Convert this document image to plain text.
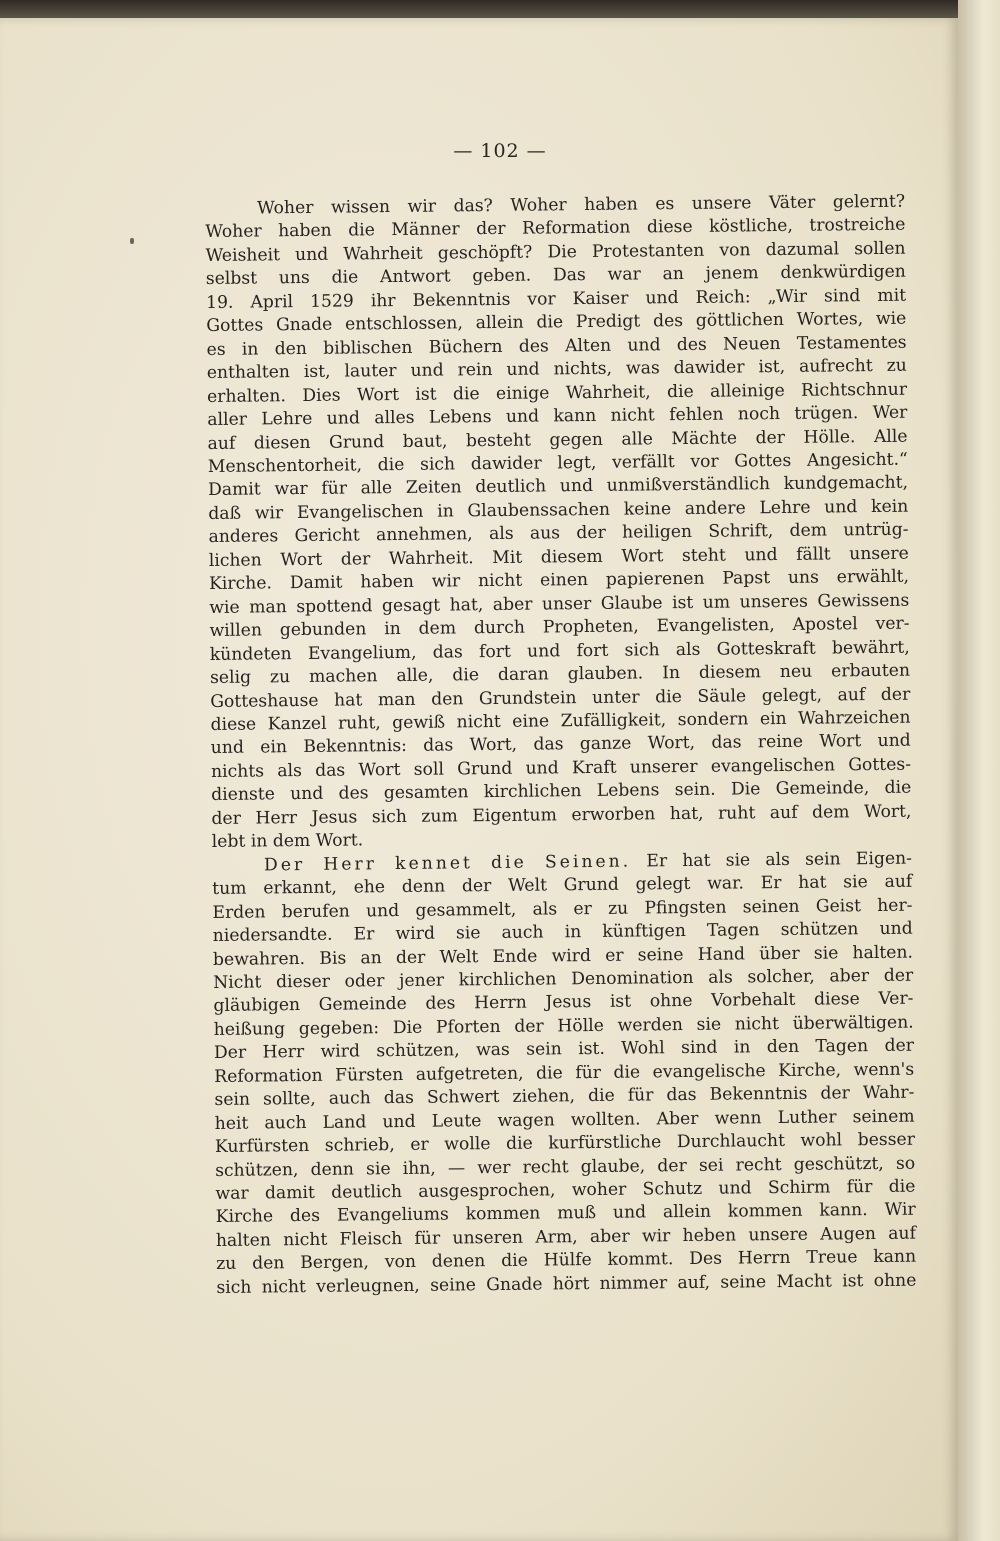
— 102 —
Woher wissen wir das? Woher haben es unsere Väter gelernt?
Woher haben die Männer der Reformation diese köstliche, trostreiche
Weisheit und Wahrheit geschöpft? Die Protestanten von dazumal sollen
selbst uns die Antwort geben. Das war an jenem denkwürdigen
19. April 1529 ihr Bekenntnis vor Kaiser und Reich: „Wir sind mit
Gottes Gnade entschlossen, allein die Predigt des göttlichen Wortes, wie
es in den biblischen Büchern des Alten und des Neuen Testamentes
enthalten ist, lauter und rein und nichts, was dawider ist, aufrecht zu
erhalten. Dies Wort ist die einige Wahrheit, die alleinige Richtschnur
aller Lehre und alles Lebens und kann nicht fehlen noch trügen. Wer
auf diesen Grund baut, besteht gegen alle Mächte der Hölle. Alle
Menschentorheit, die sich dawider legt, verfällt vor Gottes Angesicht.“
Damit war für alle Zeiten deutlich und unmißverständlich kundgemacht,
daß wir Evangelischen in Glaubenssachen keine andere Lehre und kein
anderes Gericht annehmen, als aus der heiligen Schrift, dem untrüg-
lichen Wort der Wahrheit. Mit diesem Wort steht und fällt unsere
Kirche. Damit haben wir nicht einen papierenen Papst uns erwählt,
wie man spottend gesagt hat, aber unser Glaube ist um unseres Gewissens
willen gebunden in dem durch Propheten, Evangelisten, Apostel ver-
kündeten Evangelium, das fort und fort sich als Gotteskraft bewährt,
selig zu machen alle, die daran glauben. In diesem neu erbauten
Gotteshause hat man den Grundstein unter die Säule gelegt, auf der
diese Kanzel ruht, gewiß nicht eine Zufälligkeit, sondern ein Wahrzeichen
und ein Bekenntnis: das Wort, das ganze Wort, das reine Wort und
nichts als das Wort soll Grund und Kraft unserer evangelischen Gottes-
dienste und des gesamten kirchlichen Lebens sein. Die Gemeinde, die
der Herr Jesus sich zum Eigentum erworben hat, ruht auf dem Wort,
lebt in dem Wort.
Der Herr kennet die Seinen. Er hat sie als sein Eigen-
tum erkannt, ehe denn der Welt Grund gelegt war. Er hat sie auf
Erden berufen und gesammelt, als er zu Pfingsten seinen Geist her-
niedersandte. Er wird sie auch in künftigen Tagen schützen und
bewahren. Bis an der Welt Ende wird er seine Hand über sie halten.
Nicht dieser oder jener kirchlichen Denomination als solcher, aber der
gläubigen Gemeinde des Herrn Jesus ist ohne Vorbehalt diese Ver-
heißung gegeben: Die Pforten der Hölle werden sie nicht überwältigen.
Der Herr wird schützen, was sein ist. Wohl sind in den Tagen der
Reformation Fürsten aufgetreten, die für die evangelische Kirche, wenn's
sein sollte, auch das Schwert ziehen, die für das Bekenntnis der Wahr-
heit auch Land und Leute wagen wollten. Aber wenn Luther seinem
Kurfürsten schrieb, er wolle die kurfürstliche Durchlaucht wohl besser
schützen, denn sie ihn, — wer recht glaube, der sei recht geschützt, so
war damit deutlich ausgesprochen, woher Schutz und Schirm für die
Kirche des Evangeliums kommen muß und allein kommen kann. Wir
halten nicht Fleisch für unseren Arm, aber wir heben unsere Augen auf
zu den Bergen, von denen die Hülfe kommt. Des Herrn Treue kann
sich nicht verleugnen, seine Gnade hört nimmer auf, seine Macht ist ohne
